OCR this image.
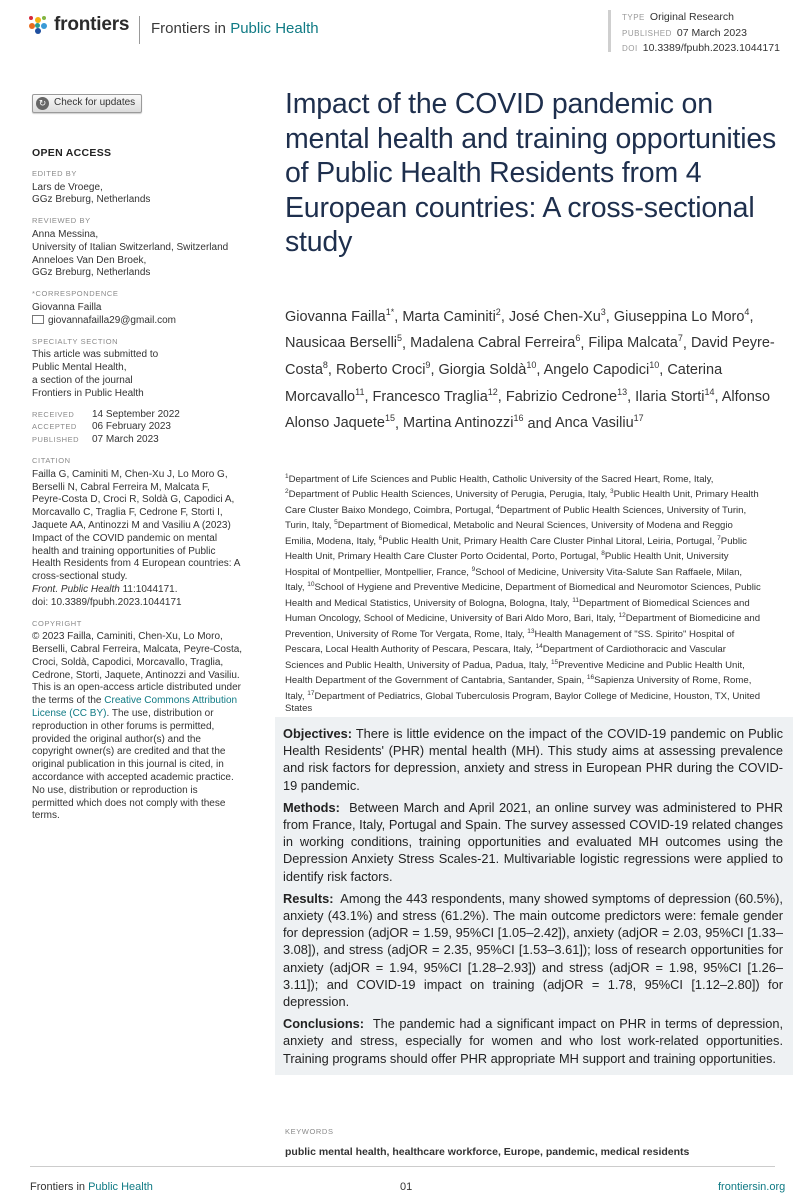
frontiers Frontiers in Public Health
TYPE Original Research
PUBLISHED 07 March 2023
DOI 10.3389/fpubh.2023.1044171
↻ Check for updates
OPEN ACCESS
EDITED BY
Lars de Vroege,
GGz Breburg, Netherlands
REVIEWED BY
Anna Messina,
University of Italian Switzerland, Switzerland
Anneloes Van Den Broek,
GGz Breburg, Netherlands
*CORRESPONDENCE
Giovanna Failla
giovannafailla29@gmail.com
SPECIALTY SECTION
This article was submitted to
Public Mental Health,
a section of the journal
Frontiers in Public Health
RECEIVED 14 September 2022
ACCEPTED 06 February 2023
PUBLISHED 07 March 2023
CITATION
Failla G, Caminiti M, Chen-Xu J, Lo Moro G,
Berselli N, Cabral Ferreira M, Malcata F,
Peyre-Costa D, Croci R, Soldà G, Capodici A,
Morcavallo C, Traglia F, Cedrone F, Storti I,
Jaquete AA, Antinozzi M and Vasiliu A (2023)
Impact of the COVID pandemic on mental
health and training opportunities of Public
Health Residents from 4 European countries: A
cross-sectional study.
Front. Public Health 11:1044171.
doi: 10.3389/fpubh.2023.1044171
COPYRIGHT
© 2023 Failla, Caminiti, Chen-Xu, Lo Moro,
Berselli, Cabral Ferreira, Malcata, Peyre-Costa,
Croci, Soldà, Capodici, Morcavallo, Traglia,
Cedrone, Storti, Jaquete, Antinozzi and Vasiliu.
This is an open-access article distributed under
the terms of the Creative Commons Attribution
License (CC BY). The use, distribution or
reproduction in other forums is permitted,
provided the original author(s) and the
copyright owner(s) are credited and that the
original publication in this journal is cited, in
accordance with accepted academic practice.
No use, distribution or reproduction is
permitted which does not comply with these
terms.
Impact of the COVID pandemic on mental health and training opportunities of Public Health Residents from 4 European countries: A cross-sectional study
Giovanna Failla$^{1*}$, Marta Caminiti$^2$, José Chen-Xu$^3$, Giuseppina Lo Moro$^4$, Nausicaa Berselli$^5$, Madalena Cabral Ferreira$^6$, Filipa Malcata$^7$, David Peyre-Costa$^8$, Roberto Croci$^9$, Giorgia Soldà$^{10}$, Angelo Capodici$^{10}$, Caterina Morcavallo$^{11}$, Francesco Traglia$^{12}$, Fabrizio Cedrone$^{13}$, Ilaria Storti$^{14}$, Alfonso Alonso Jaquete$^{15}$, Martina Antinozzi$^{16}$ and Anca Vasiliu$^{17}$
$^1$Department of Life Sciences and Public Health, Catholic University of the Sacred Heart, Rome, Italy, $^2$Department of Public Health Sciences, University of Perugia, Perugia, Italy, $^3$Public Health Unit, Primary Health Care Cluster Baixo Mondego, Coimbra, Portugal, $^4$Department of Public Health Sciences, University of Turin, Turin, Italy, $^5$Department of Biomedical, Metabolic and Neural Sciences, University of Modena and Reggio Emilia, Modena, Italy, $^6$Public Health Unit, Primary Health Care Cluster Pinhal Litoral, Leiria, Portugal, $^7$Public Health Unit, Primary Health Care Cluster Porto Ocidental, Porto, Portugal, $^8$Public Health Unit, University Hospital of Montpellier, Montpellier, France, $^9$School of Medicine, University Vita-Salute San Raffaele, Milan, Italy, $^{10}$School of Hygiene and Preventive Medicine, Department of Biomedical and Neuromotor Sciences, Public Health and Medical Statistics, University of Bologna, Bologna, Italy, $^{11}$Department of Biomedical Sciences and Human Oncology, School of Medicine, University of Bari Aldo Moro, Bari, Italy, $^{12}$Department of Biomedicine and Prevention, University of Rome Tor Vergata, Rome, Italy, $^{13}$Health Management of "SS. Spirito" Hospital of Pescara, Local Health Authority of Pescara, Pescara, Italy, $^{14}$Department of Cardiothoracic and Vascular Sciences and Public Health, University of Padua, Padua, Italy, $^{15}$Preventive Medicine and Public Health Unit, Health Department of the Government of Cantabria, Santander, Spain, $^{16}$Sapienza University of Rome, Rome, Italy, $^{17}$Department of Pediatrics, Global Tuberculosis Program, Baylor College of Medicine, Houston, TX, United States

Objectives: There is little evidence on the impact of the COVID-19 pandemic on Public Health Residents' (PHR) mental health (MH). This study aims at assessing prevalence and risk factors for depression, anxiety and stress in European PHR during the COVID-19 pandemic.

Methods: Between March and April 2021, an online survey was administered to PHR from France, Italy, Portugal and Spain. The survey assessed COVID-19 related changes in working conditions, training opportunities and evaluated MH outcomes using the Depression Anxiety Stress Scales-21. Multivariable logistic regressions were applied to identify risk factors.

Results: Among the 443 respondents, many showed symptoms of depression (60.5%), anxiety (43.1%) and stress (61.2%). The main outcome predictors were: female gender for depression (adjOR = 1.59, 95%CI [1.05–2.42]), anxiety (adjOR = 2.03, 95%CI [1.33–3.08]), and stress (adjOR = 2.35, 95%CI [1.53–3.61]); loss of research opportunities for anxiety (adjOR = 1.94, 95%CI [1.28–2.93]) and stress (adjOR = 1.98, 95%CI [1.26–3.11]); and COVID-19 impact on training (adjOR = 1.78, 95%CI [1.12–2.80]) for depression.

Conclusions: The pandemic had a significant impact on PHR in terms of depression, anxiety and stress, especially for women and who lost work-related opportunities. Training programs should offer PHR appropriate MH support and training opportunities.

KEYWORDS
public mental health, healthcare workforce, Europe, pandemic, medical residents
Frontiers in Public Health	01	frontiersin.org
